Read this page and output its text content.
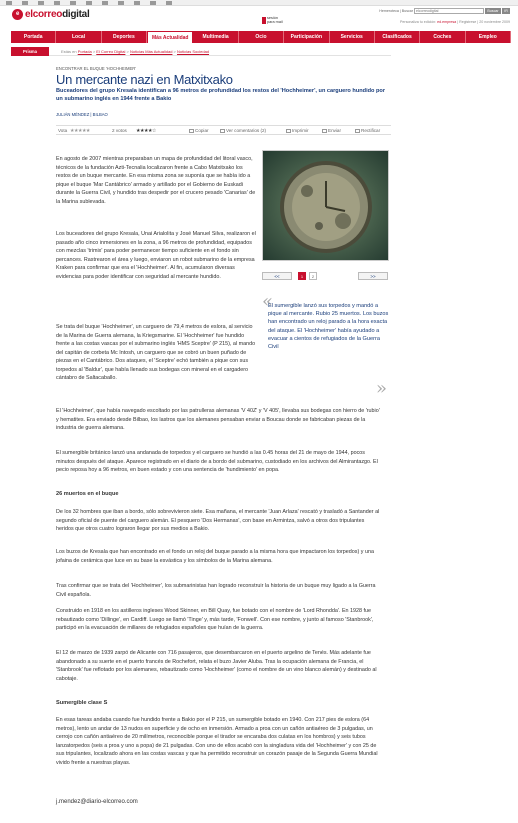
e elcorreodigital	Hemeroteca | Buscar elcorreodigital	Buscar IR
sesión
para mail	Personaliza tu edición: ed.empresa | Registrese | 20 noviembre 2009
Portada	Local	Deportes	Más Actualidad	Multimedia	Ocio	Participación	Servicios	Clasificados	Coches	Empleo
Prisma	Estás en Portada > El Correo Digital > Noticias Más Actualidad > Noticias Sociedad
ENCONTRAR EL BUQUE 'HOCHHEIMER'
Un mercante nazi en Matxitxako
Buceadores del grupo Kresala identifican a 96 metros de profundidad los restos del 'Hochheimer', un carguero hundido por un submarino inglés en 1944 frente a Bakio
JULIÁN MÉNDEZ | BILBAO
Vota ★★★★★	2 votos ★★★★☆	Copiar	Ver comentarios (2)	Imprimir	Enviar	Rectificar
<<	1	2	>>
«
El sumergible lanzó sus torpedos y mandó a pique al mercante. Rubio 25 muertos. Los buzos han encontrado un reloj parado a la hora exacta del ataque. El 'Hochheimer' había ayudado a evacuar a cientos de refugiados de la Guerra Civil
»
En agosto de 2007 mientras preparaban un mapa de profundidad del litoral vasco, técnicos de la fundación Azti-Tecnalia localizaron frente a Cabo Matxitxako los restos de un buque mercante. En esa misma zona se suponía que se había ido a pique el buque 'Mar Cantábrico' armado y artillado por el Gobierno de Euskadi durante la Guerra Civil, y hundido tras despedir por el crucero pesado 'Canarias' de la Marina sublevada.
Los buceadores del grupo Kresala, Unai Arialolita y José Manuel Silva, realizaron el pasado año cinco inmersiones en la zona, a 96 metros de profundidad, equipados con mezclas 'trimix' para poder permanecer tiempo suficiente en el fondo sin percances. Rastrearon el área y luego, enviaron un robot submarino de la empresa Kraken para confirmar que era el 'Hochheimer'. Al fin, acumularon diversas evidencias para poder identificar con seguridad al mercante hundido.
Se trata del buque 'Hochheimer', un carguero de 79,4 metros de eslora, al servicio de la Marina de Guerra alemana, la Kriegsmarine. El 'Hochheimer' fue hundido frente a las costas vascas por el submarino inglés 'HMS Sceptre' (P 215), al mando del capitán de corbeta Mc Intosh, un carguero que se cobró un buen puñado de piezas en el Cantábrico. Dos ataques, el 'Sceptre' echó también a pique con sus torpedos al 'Baldur', que había llenado sus bodegas con mineral en el cargadero cántabro de Saltacaballo.
El 'Hochheimer', que había navegado escoltado por las patrulleras alemanas 'V 40Z' y 'V 405', llevaba sus bodegas con hierro de 'rubio' y hematites. Era enviado desde Bilbao, los lastros que los alemanes pensaban enviar a Boucau donde se fabricaban piezas de la industria de guerra alemana.
El sumergible británico lanzó una andanada de torpedos y el carguero se hundió a las 0.45 horas del 21 de mayo de 1944, pocos minutos después del ataque. Aparece registrado en el diario de a bordo del submarino, custodiado en los archivos del Almirantazgo. El pecio reposa hoy a 96 metros, en buen estado y con una sentencia de 'hundimiento' en popa.
26 muertos en el buque
De los 32 hombres que iban a bordo, sólo sobrevivieron siete. Esa mañana, el mercante 'Juan Arlaza' rescató y trasladó a Santander al segundo oficial de puente del carguero alemán. El pesquero 'Dos Hermanas', con base en Armintza, salvó a otros dos tripulantes heridos que otros cuatro lograron llegar por sus medios a Bakio.
Los buzos de Kresala que han encontrado en el fondo un reloj del buque parado a la misma hora que impactaron los torpedos) y una jofaina de cerámica que luce en su base la esvástica y los símbolos de la Marina alemana.
Tras confirmar que se trata del 'Hochheimer', los submarinistas han logrado reconstruir la historia de un buque muy ligado a la Guerra Civil española.
Construido en 1918 en los astilleros ingleses Wood Skinner, en Bill Quay, fue botado con el nombre de 'Lord Rhondda'. En 1928 fue rebautizado como 'Dillinge', en Cardiff. Luego se llamó 'Tinge' y, más tarde, 'Fonwell'. Con ese nombre, y junto al famoso 'Stanbrook', participó en la evacuación de millares de refugiados españoles que huían de la guerra.
El 12 de marzo de 1939 zarpó de Alicante con 716 pasajeros, que desembarcaron en el puerto argelino de Tenés. Más adelante fue abandonado a su suerte en el puerto francés de Rochefort, relata el buzo Javier Aluba. Tras la ocupación alemana de Francia, el 'Stanbrook' fue reflotado por los alemanes, rebautizado como 'Hochheimer' (como el nombre de un vino blanco alemán) y destinado al cabotaje.
Sumergible clase S
En esas tareas andaba cuando fue hundido frente a Bakio por el P 215, un sumergible botado en 1940. Con 217 pies de eslora (64 metros), lento un andar de 13 nudos en superficie y de ocho en inmersión. Armado a proa con un cañón antiaéreo de 3 pulgadas, un cerrojo con cañón antiaéreo de 20 milímetros, reconocible porque el tirador se encaraba dos culatas en los hombros) y seis tubos lanzatorpedos (seis a proa y uno a popa) de 21 pulgadas. Con uno de ellos acabó con la singladura vida del 'Hochheimer' y con 25 de sus tripulantes, localizado ahora en las costas vascas y que ha permitido reconstruir un corazón pasaje de la Segunda Guerra Mundial vivido frente a nuestras playas.
j.mendez@diario-elcorreo.com
